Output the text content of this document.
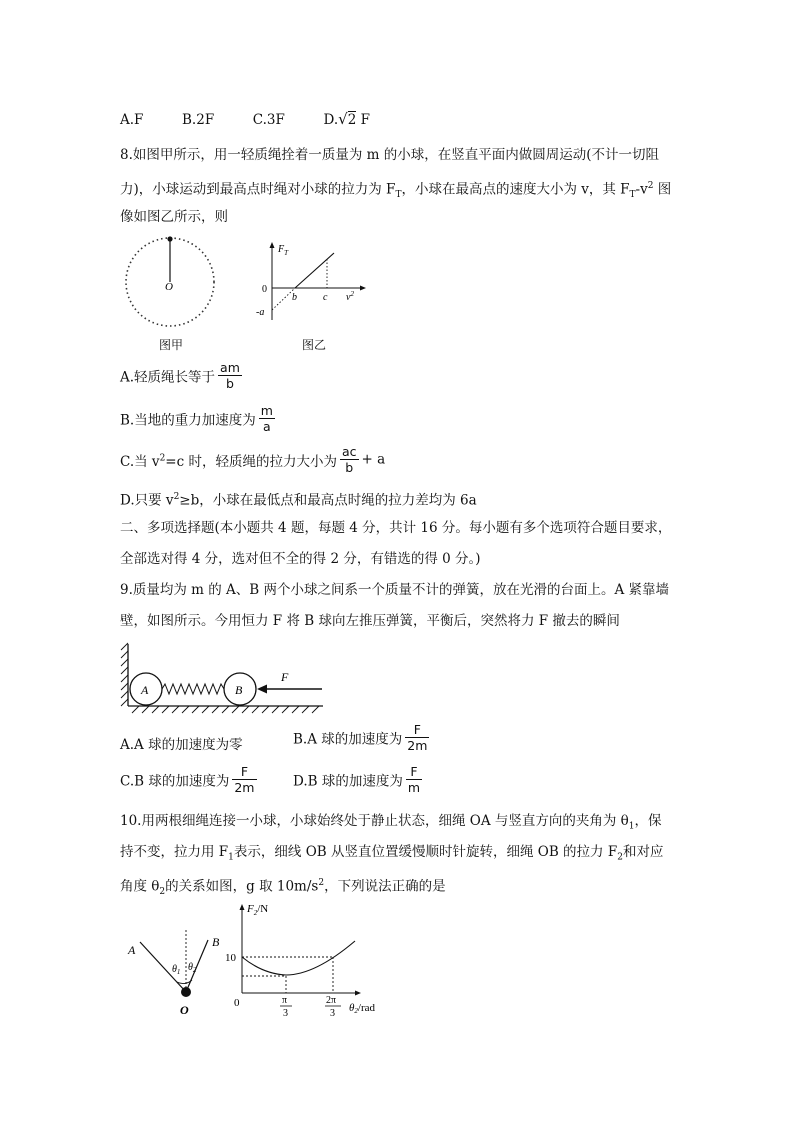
A.F	B.2F	C.3F	D.√2 F
8.如图甲所示，用一轻质绳拴着一质量为 m 的小球，在竖直平面内做圆周运动(不计一切阻
力)，小球运动到最高点时绳对小球的拉力为 $F_T$，小球在最高点的速度大小为 v，其 $F_T-v^2$ 图
像如图乙所示，则
O
图甲
$F_T$
0
-a
b	c $v^2$
图乙
A.轻质绳长等于 $\frac{am}{b}$
B.当地的重力加速度为 $\frac{m}{a}$
C.当 $v^2=c$ 时，轻质绳的拉力大小为 $\frac{ac}{b} + a$
D.只要 $v^2\ge b$，小球在最低点和最高点时绳的拉力差均为 6a
二、多项选择题(本小题共 4 题，每题 4 分，共计 16 分。每小题有多个选项符合题目要求，
全部选对得 4 分，选对但不全的得 2 分，有错选的得 0 分。)
9.质量均为 m 的 A、B 两个小球之间系一个质量不计的弹簧，放在光滑的台面上。A 紧靠墙
壁，如图所示。今用恒力 F 将 B 球向左推压弹簧，平衡后，突然将力 F 撤去的瞬间
A	B
F
A.A 球的加速度为零	B.A 球的加速度为 $\frac{F}{2m}$
C.B 球的加速度为 $\frac{F}{2m}$	D.B 球的加速度为 $\frac{F}{m}$
10.用两根细绳连接一小球，小球始终处于静止状态，细绳 OA 与竖直方向的夹角为 $\theta_1$，保
持不变，拉力用 $F_1$表示，细线 OB 从竖直位置缓慢顺时针旋转，细绳 OB 的拉力 $F_2$和对应
角度 $\theta_2$的关系如图，g 取 $10m/s^2$，下列说法正确的是
A
B
O
$\theta_1$ $\theta_2$
$F_2/N$
10
0	π
3
2π
3 θ2/rad
